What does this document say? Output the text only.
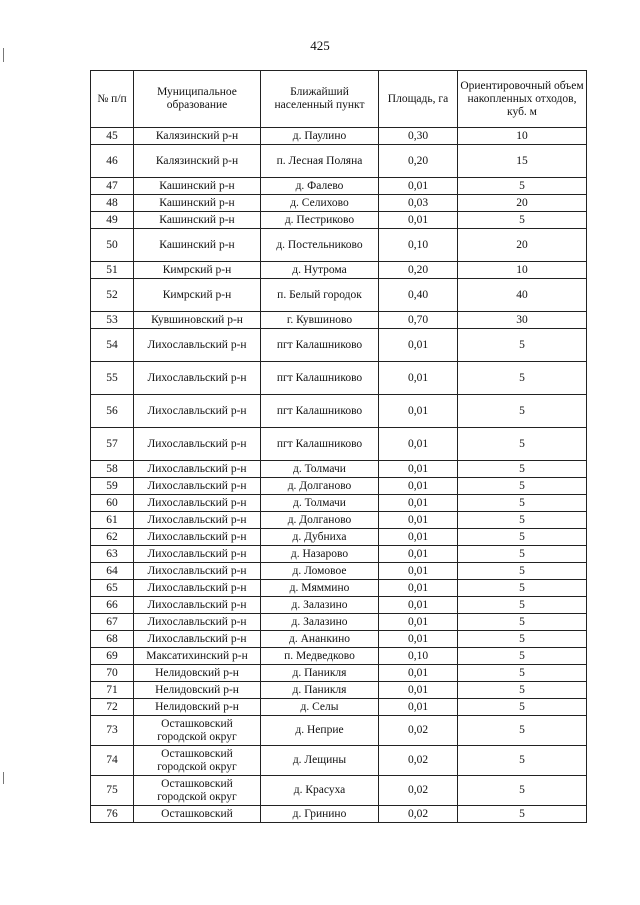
425
№ п/п	Муниципальное образование	Ближайший населенный пункт	Площадь, га	Ориентировочный объем накопленных отходов, куб. м
45	Калязинский р-н	д. Паулино	0,30	10
46	Калязинский р-н	п. Лесная Поляна	0,20	15
47	Кашинский р-н	д. Фалево	0,01	5
48	Кашинский р-н	д. Селихово	0,03	20
49	Кашинский р-н	д. Пестриково	0,01	5
50	Кашинский р-н	д. Постельниково	0,10	20
51	Кимрский р-н	д. Нутрома	0,20	10
52	Кимрский р-н	п. Белый городок	0,40	40
53	Кувшиновский р-н	г. Кувшиново	0,70	30
54	Лихославльский р-н	пгт Калашниково	0,01	5
55	Лихославльский р-н	пгт Калашниково	0,01	5
56	Лихославльский р-н	пгт Калашниково	0,01	5
57	Лихославльский р-н	пгт Калашниково	0,01	5
58	Лихославльский р-н	д. Толмачи	0,01	5
59	Лихославльский р-н	д. Долганово	0,01	5
60	Лихославльский р-н	д. Толмачи	0,01	5
61	Лихославльский р-н	д. Долганово	0,01	5
62	Лихославльский р-н	д. Дубниха	0,01	5
63	Лихославльский р-н	д. Назарово	0,01	5
64	Лихославльский р-н	д. Ломовое	0,01	5
65	Лихославльский р-н	д. Мяммино	0,01	5
66	Лихославльский р-н	д. Залазино	0,01	5
67	Лихославльский р-н	д. Залазино	0,01	5
68	Лихославльский р-н	д. Ананкино	0,01	5
69	Максатихинский р-н	п. Медведково	0,10	5
70	Нелидовский р-н	д. Паникля	0,01	5
71	Нелидовский р-н	д. Паникля	0,01	5
72	Нелидовский р-н	д. Селы	0,01	5
73	Осташковский городской округ	д. Неприе	0,02	5
74	Осташковский городской округ	д. Лещины	0,02	5
75	Осташковский городской округ	д. Красуха	0,02	5
76	Осташковский	д. Гринино	0,02	5
